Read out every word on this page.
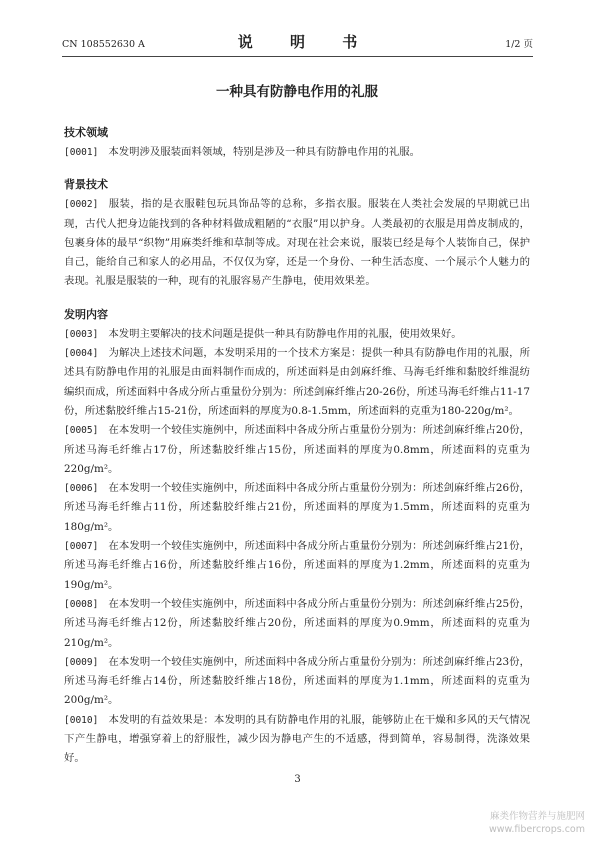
CN 108552630 A	说 明 书	1/2 页
一种具有防静电作用的礼服
技术领域

[0001] 本发明涉及服装面料领域，特别是涉及一种具有防静电作用的礼服。

背景技术

[0002] 服装，指的是衣服鞋包玩具饰品等的总称，多指衣服。服装在人类社会发展的早期就已出现，古代人把身边能找到的各种材料做成粗陋的“衣服”用以护身。人类最初的衣服是用兽皮制成的，包裹身体的最早“织物”用麻类纤维和草制等成。对现在社会来说，服装已经是每个人装饰自己，保护自己，能给自己和家人的必用品，不仅仅为穿，还是一个身份、一种生活态度、一个展示个人魅力的表现。礼服是服装的一种，现有的礼服容易产生静电，使用效果差。

发明内容

[0003] 本发明主要解决的技术问题是提供一种具有防静电作用的礼服，使用效果好。

[0004] 为解决上述技术问题，本发明采用的一个技术方案是：提供一种具有防静电作用的礼服，所述具有防静电作用的礼服是由面料制作而成的，所述面料是由剑麻纤维、马海毛纤维和黏胶纤维混纺编织而成，所述面料中各成分所占重量份分别为：所述剑麻纤维占20-26份，所述马海毛纤维占11-17份，所述黏胶纤维占15-21份，所述面料的厚度为0.8-1.5mm，所述面料的克重为180-220g/m²。

[0005] 在本发明一个较佳实施例中，所述面料中各成分所占重量份分别为：所述剑麻纤维占20份，所述马海毛纤维占17份，所述黏胶纤维占15份，所述面料的厚度为0.8mm，所述面料的克重为220g/m²。

[0006] 在本发明一个较佳实施例中，所述面料中各成分所占重量份分别为：所述剑麻纤维占26份，所述马海毛纤维占11份，所述黏胶纤维占21份，所述面料的厚度为1.5mm，所述面料的克重为180g/m²。

[0007] 在本发明一个较佳实施例中，所述面料中各成分所占重量份分别为：所述剑麻纤维占21份，所述马海毛纤维占16份，所述黏胶纤维占16份，所述面料的厚度为1.2mm，所述面料的克重为190g/m²。

[0008] 在本发明一个较佳实施例中，所述面料中各成分所占重量份分别为：所述剑麻纤维占25份，所述马海毛纤维占12份，所述黏胶纤维占20份，所述面料的厚度为0.9mm，所述面料的克重为210g/m²。

[0009] 在本发明一个较佳实施例中，所述面料中各成分所占重量份分别为：所述剑麻纤维占23份，所述马海毛纤维占14份，所述黏胶纤维占18份，所述面料的厚度为1.1mm，所述面料的克重为200g/m²。

[0010] 本发明的有益效果是：本发明的具有防静电作用的礼服，能够防止在干燥和多风的天气情况下产生静电，增强穿着上的舒服性，减少因为静电产生的不适感，得到简单，容易制得，洗涤效果好。

3
麻类作物营养与施肥网
www.fibercrops.com
